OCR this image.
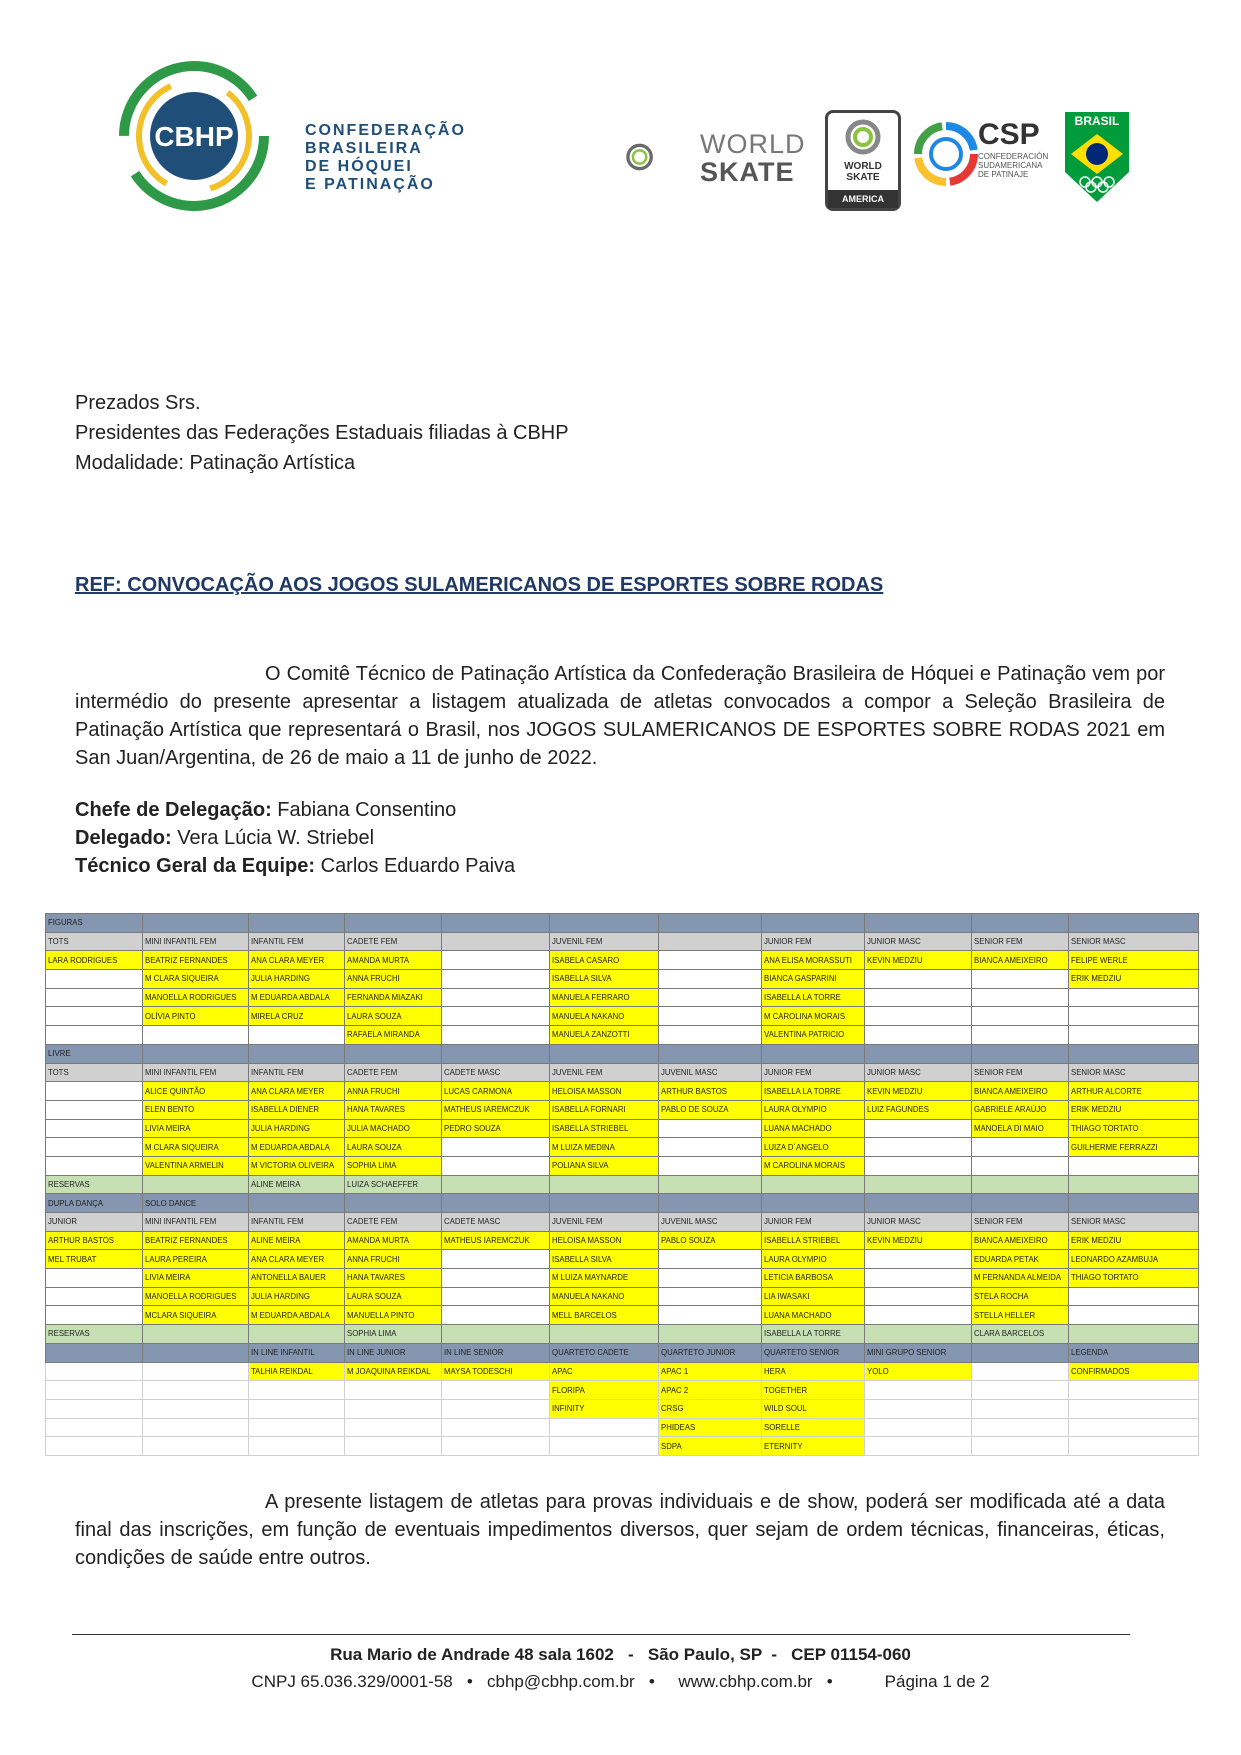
CBHP	CONFEDERAÇÃO
BRASILEIRA
DE HÓQUEI
E PATINAÇÃO
WORLD
SKATE	WORLD
SKATE
AMERICA
CSP
CONFEDERACIÓN
SUDAMERICANA
DE PATINAJE
BRASIL
Prezados Srs.
Presidentes das Federações Estaduais filiadas à CBHP
Modalidade: Patinação Artística
REF: CONVOCAÇÃO AOS JOGOS SULAMERICANOS DE ESPORTES SOBRE RODAS
O Comitê Técnico de Patinação Artística da Confederação Brasileira de Hóquei e Patinação vem por intermédio do presente apresentar a listagem atualizada de atletas convocados a compor a Seleção Brasileira de Patinação Artística que representará o Brasil, nos JOGOS SULAMERICANOS DE ESPORTES SOBRE RODAS 2021 em San Juan/Argentina, de 26 de maio a 11 de junho de 2022.
Chefe de Delegação: Fabiana Consentino
Delegado: Vera Lúcia W. Striebel
Técnico Geral da Equipe: Carlos Eduardo Paiva
FIGURAS										
TOTS	MINI INFANTIL FEM	INFANTIL FEM	CADETE FEM		JUVENIL FEM		JUNIOR FEM	JUNIOR MASC	SENIOR FEM	SENIOR MASC
LARA RODRIGUES	BEATRIZ FERNANDES	ANA CLARA MEYER	AMANDA MURTA		ISABELA CASARO		ANA ELISA MORASSUTI	KEVIN MEDZIU	BIANCA AMEIXEIRO	FELIPE WERLE
	M CLARA SIQUEIRA	JULIA HARDING	ANNA FRUCHI		ISABELLA SILVA		BIANCA GASPARINI			ERIK MEDZIU
	MANOELLA RODRIGUES	M EDUARDA ABDALA	FERNANDA MIAZAKI		MANUELA FERRARO		ISABELLA LA TORRE			
	OLÍVIA PINTO	MIRELA CRUZ	LAURA SOUZA		MANUELA NAKANO		M CAROLINA MORAIS			
			RAFAELA MIRANDA		MANUELA ZANZOTTI		VALENTINA PATRICIO			
LIVRE										
TOTS	MINI INFANTIL FEM	INFANTIL FEM	CADETE FEM	CADETE MASC	JUVENIL FEM	JUVENIL MASC	JUNIOR FEM	JUNIOR MASC	SENIOR FEM	SENIOR MASC
	ALICE QUINTÃO	ANA CLARA MEYER	ANNA FRUCHI	LUCAS CARMONA	HELOISA MASSON	ARTHUR BASTOS	ISABELLA LA TORRE	KEVIN MEDZIU	BIANCA AMEIXEIRO	ARTHUR ALCORTE
	ELEN BENTO	ISABELLA DIENER	HANA TAVARES	MATHEUS IAREMCZUK	ISABELLA FORNARI	PABLO DE SOUZA	LAURA OLYMPIO	LUIZ FAGUNDES	GABRIELE ARAÚJO	ERIK MEDZIU
	LIVIA MEIRA	JULIA HARDING	JULIA MACHADO	PEDRO SOUZA	ISABELLA STRIEBEL		LUANA MACHADO		MANOELA DI MAIO	THIAGO TORTATO
	M CLARA SIQUEIRA	M EDUARDA ABDALA	LAURA SOUZA		M LUIZA MEDINA		LUIZA D´ANGELO			GUILHERME FERRAZZI
	VALENTINA ARMELIN	M VICTORIA OLIVEIRA	SOPHIA LIMA		POLIANA SILVA		M CAROLINA MORAIS			
RESERVAS		ALINE MEIRA	LUIZA SCHAEFFER							
DUPLA DANÇA	SOLO DANCE									
JUNIOR	MINI INFANTIL FEM	INFANTIL FEM	CADETE FEM	CADETE MASC	JUVENIL FEM	JUVENIL MASC	JUNIOR FEM	JUNIOR MASC	SENIOR FEM	SENIOR MASC
ARTHUR BASTOS	BEATRIZ FERNANDES	ALINE MEIRA	AMANDA MURTA	MATHEUS IAREMCZUK	HELOISA MASSON	PABLO SOUZA	ISABELLA STRIEBEL	KEVIN MEDZIU	BIANCA AMEIXEIRO	ERIK MEDZIU
MEL TRUBAT	LAURA PEREIRA	ANA CLARA MEYER	ANNA FRUCHI		ISABELLA SILVA		LAURA OLYMPIO		EDUARDA PETAK	LEONARDO AZAMBUJA
	LIVIA MEIRA	ANTONELLA BAUER	HANA TAVARES		M LUIZA MAYNARDE		LETICIA BARBOSA		M FERNANDA ALMEIDA	THIAGO TORTATO
	MANOELLA RODRIGUES	JULIA HARDING	LAURA SOUZA		MANUELA NAKANO		LIA IWASAKI		STELA ROCHA	
	MCLARA SIQUEIRA	M EDUARDA ABDALA	MANUELLA PINTO		MELL BARCELOS		LUANA MACHADO		STELLA HELLER	
RESERVAS			SOPHIA LIMA				ISABELLA LA TORRE		CLARA BARCELOS	
		IN LINE INFANTIL	IN LINE JUNIOR	IN LINE SENIOR	QUARTETO CADETE	QUARTETO JUNIOR	QUARTETO SENIOR	MINI GRUPO SENIOR		LEGENDA
		TALHIA REIKDAL	M JOAQUINA REIKDAL	MAYSA TODESCHI	APAC	APAC 1	HERA	YOLO		CONFIRMADOS
					FLORIPA	APAC 2	TOGETHER			
					INFINITY	CRSG	WILD SOUL			
						PHIDEAS	SORELLE			
						SDPA	ETERNITY			
A presente listagem de atletas para provas individuais e de show, poderá ser modificada até a data final das inscrições, em função de eventuais impedimentos diversos, quer sejam de ordem técnicas, financeiras, éticas, condições de saúde entre outros.
Rua Mario de Andrade 48 sala 1602   -   São Paulo, SP  -   CEP 01154-060
CNPJ 65.036.329/0001-58   •   cbhp@cbhp.com.br   •     www.cbhp.com.br   •           Página 1 de 2
